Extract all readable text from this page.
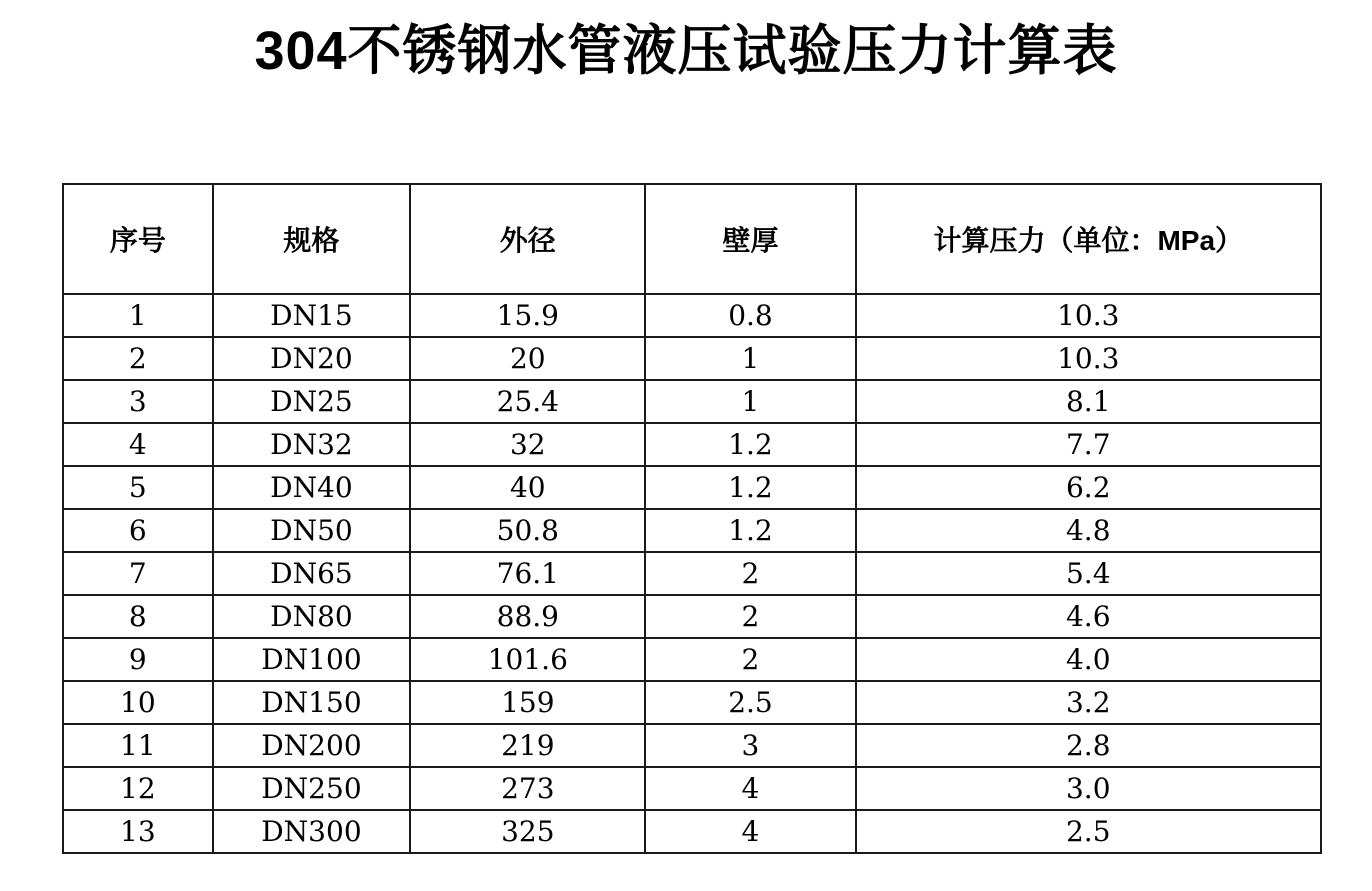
304不锈钢水管液压试验压力计算表
序号	规格	外径	壁厚	计算压力（单位：MPa）
1	DN15	15.9	0.8	10.3
2	DN20	20	1	10.3
3	DN25	25.4	1	8.1
4	DN32	32	1.2	7.7
5	DN40	40	1.2	6.2
6	DN50	50.8	1.2	4.8
7	DN65	76.1	2	5.4
8	DN80	88.9	2	4.6
9	DN100	101.6	2	4.0
10	DN150	159	2.5	3.2
11	DN200	219	3	2.8
12	DN250	273	4	3.0
13	DN300	325	4	2.5
